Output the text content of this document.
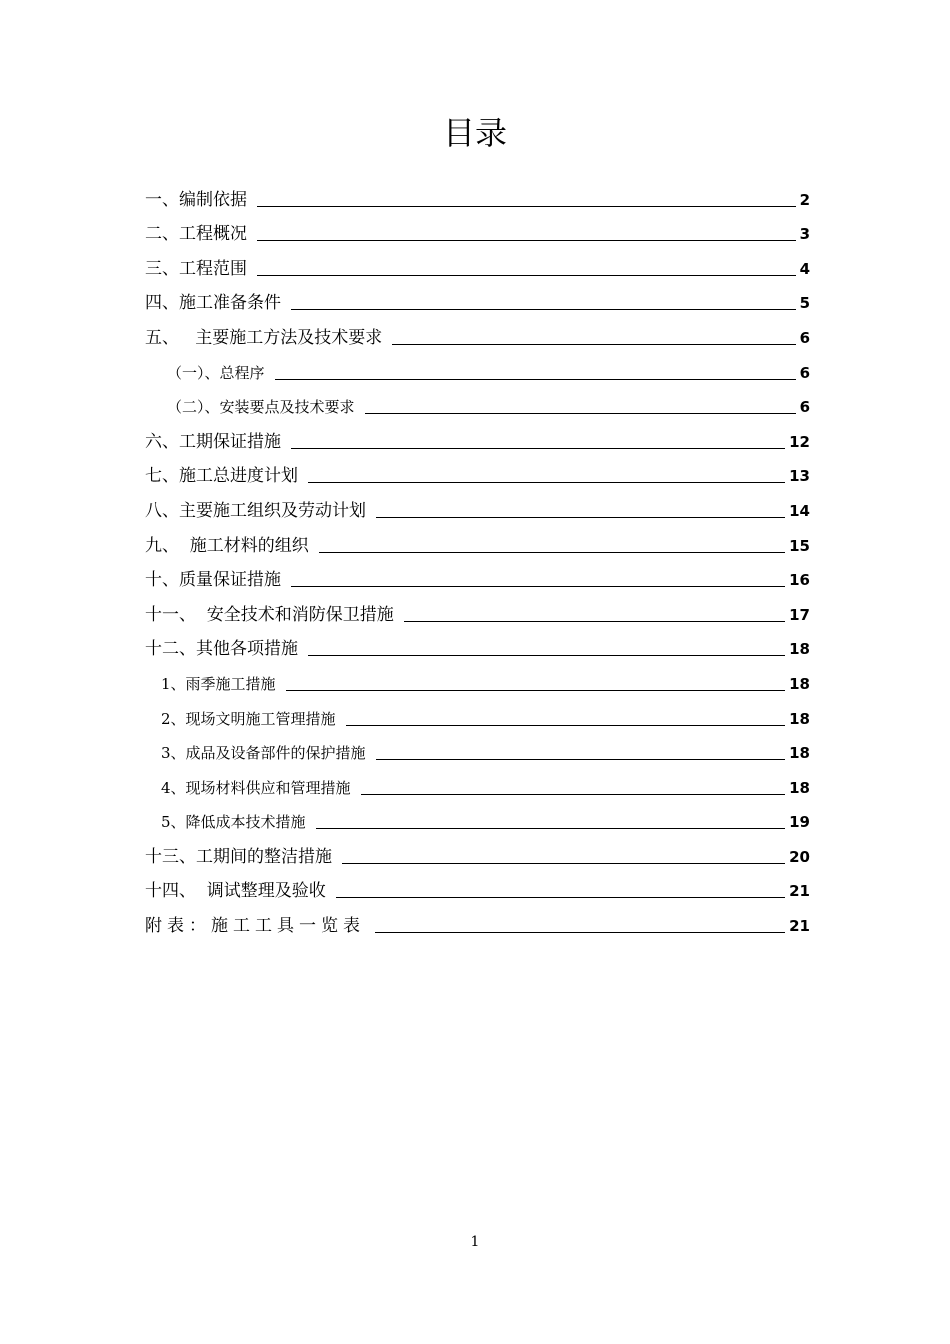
目录
一、编制依据	2
二、工程概况	3
三、工程范围	4
四、施工准备条件	5
五、   主要施工方法及技术要求	6
（一）、总程序	6
（二）、安装要点及技术要求	6
六、工期保证措施	12
七、施工总进度计划	13
八、主要施工组织及劳动计划	14
九、  施工材料的组织	15
十、质量保证措施	16
十一、  安全技术和消防保卫措施	17
十二、其他各项措施	18
1、雨季施工措施	18
2、现场文明施工管理措施	18
3、成品及设备部件的保护措施	18
4、现场材料供应和管理措施	18
5、降低成本技术措施	19
十三、工期间的整洁措施	20
十四、  调试整理及验收	21
附表：施工工具一览表	21
1
